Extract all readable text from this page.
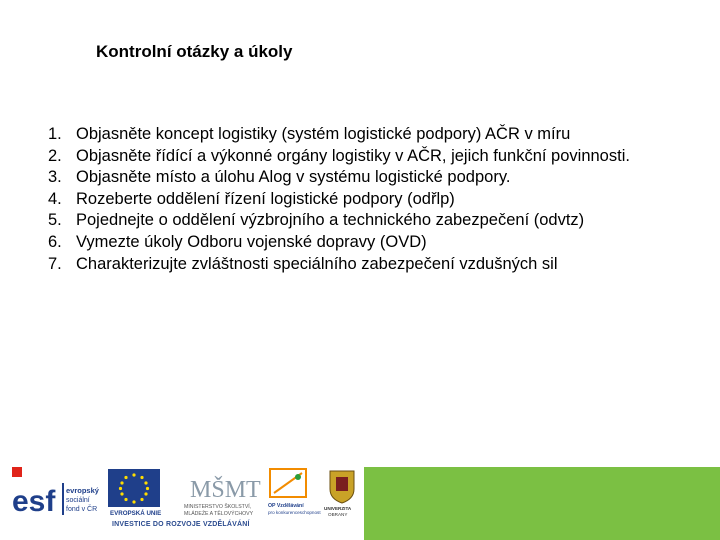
Kontrolní otázky a úkoly
1. Objasněte koncept logistiky (systém logistické podpory) AČR v míru
2. Objasněte řídící a výkonné orgány logistiky v AČR, jejich funkční povinnosti.
3. Objasněte místo a úlohu Alog v systému logistické podpory.
4. Rozeberte oddělení řízení logistické podpory (odřlp)
5. Pojednejte o oddělení výzbrojního a technického zabezpečení (odvtz)
6. Vymezte úkoly Odboru vojenské dopravy (OVD)
7. Charakterizujte zvláštnosti speciálního zabezpečení vzdušných sil
esf evropský
sociální
fond v ČR
EVROPSKÁ UNIE
MŠMT
MINISTERSTVO ŠKOLSTVÍ,
MLÁDEŽE A TĚLOVÝCHOVY
OP Vzdělávání
pro konkurenceschopnost
UNIVERZITA
OBRANY
INVESTICE DO ROZVOJE VZDĚLÁVÁNÍ
